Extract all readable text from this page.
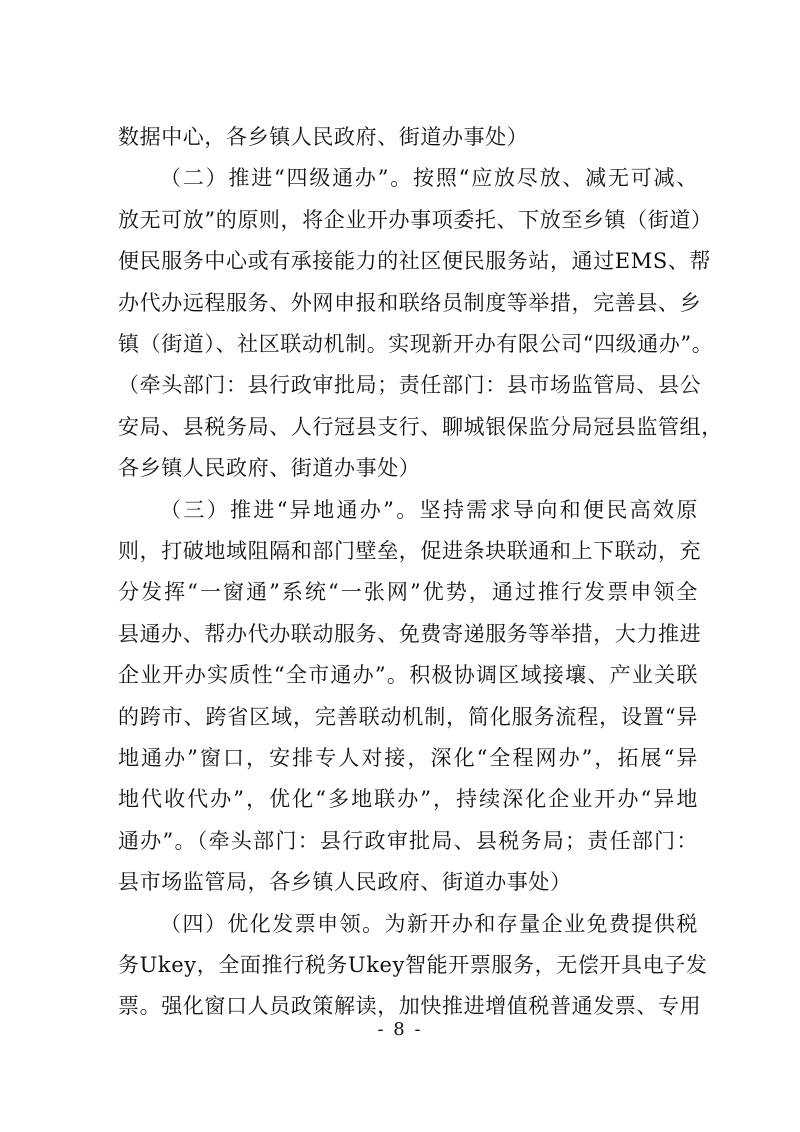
数据中心，各乡镇人民政府、街道办事处）
（二）推进“四级通办”。按照“应放尽放、减无可减、
放无可放”的原则，将企业开办事项委托、下放至乡镇（街道）
便民服务中心或有承接能力的社区便民服务站，通过EMS、帮
办代办远程服务、外网申报和联络员制度等举措，完善县、乡
镇（街道）、社区联动机制。实现新开办有限公司“四级通办”。
（牵头部门：县行政审批局；责任部门：县市场监管局、县公
安局、县税务局、人行冠县支行、聊城银保监分局冠县监管组，
各乡镇人民政府、街道办事处）
（三）推进“异地通办”。坚持需求导向和便民高效原
则，打破地域阻隔和部门壁垒，促进条块联通和上下联动，充
分发挥“一窗通”系统“一张网”优势，通过推行发票申领全
县通办、帮办代办联动服务、免费寄递服务等举措，大力推进
企业开办实质性“全市通办”。积极协调区域接壤、产业关联
的跨市、跨省区域，完善联动机制，简化服务流程，设置“异
地通办”窗口，安排专人对接，深化“全程网办”，拓展“异
地代收代办”，优化“多地联办”，持续深化企业开办“异地
通办”。（牵头部门：县行政审批局、县税务局；责任部门：
县市场监管局，各乡镇人民政府、街道办事处）
（四）优化发票申领。为新开办和存量企业免费提供税
务Ukey，全面推行税务Ukey智能开票服务，无偿开具电子发
票。强化窗口人员政策解读，加快推进增值税普通发票、专用
- 8 -
